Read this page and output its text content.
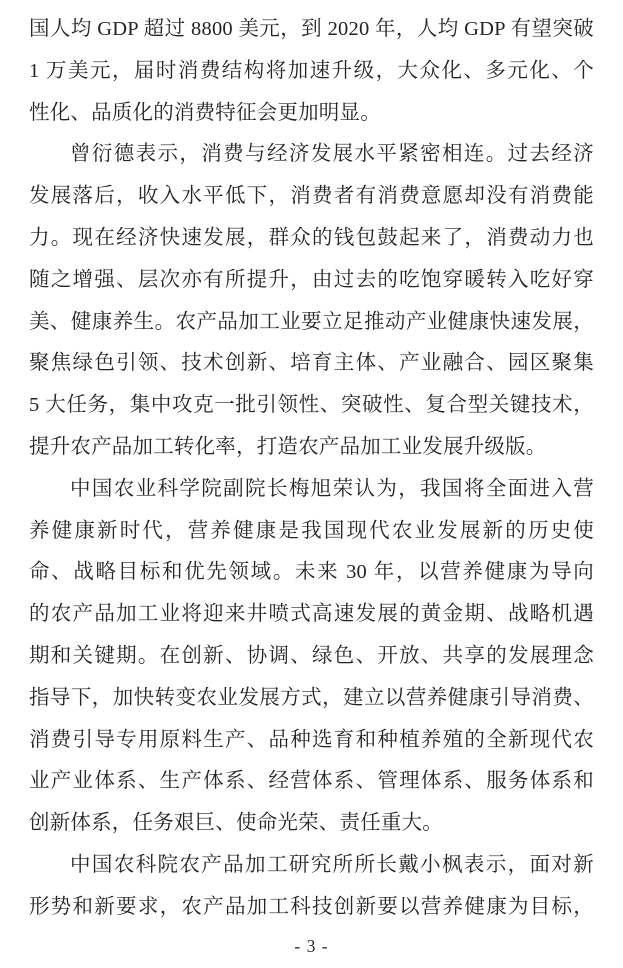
国人均 GDP 超过 8800 美元，到 2020 年，人均 GDP 有望突破
1 万美元，届时消费结构将加速升级，大众化、多元化、个
性化、品质化的消费特征会更加明显。
曾衍德表示，消费与经济发展水平紧密相连。过去经济
发展落后，收入水平低下，消费者有消费意愿却没有消费能
力。现在经济快速发展，群众的钱包鼓起来了，消费动力也
随之增强、层次亦有所提升，由过去的吃饱穿暖转入吃好穿
美、健康养生。农产品加工业要立足推动产业健康快速发展，
聚焦绿色引领、技术创新、培育主体、产业融合、园区聚集
5 大任务，集中攻克一批引领性、突破性、复合型关键技术，
提升农产品加工转化率，打造农产品加工业发展升级版。
中国农业科学院副院长梅旭荣认为，我国将全面进入营
养健康新时代，营养健康是我国现代农业发展新的历史使
命、战略目标和优先领域。未来 30 年，以营养健康为导向
的农产品加工业将迎来井喷式高速发展的黄金期、战略机遇
期和关键期。在创新、协调、绿色、开放、共享的发展理念
指导下，加快转变农业发展方式，建立以营养健康引导消费、
消费引导专用原料生产、品种选育和种植养殖的全新现代农
业产业体系、生产体系、经营体系、管理体系、服务体系和
创新体系，任务艰巨、使命光荣、责任重大。
中国农科院农产品加工研究所所长戴小枫表示，面对新
形势和新要求，农产品加工科技创新要以营养健康为目标，
- 3 -
